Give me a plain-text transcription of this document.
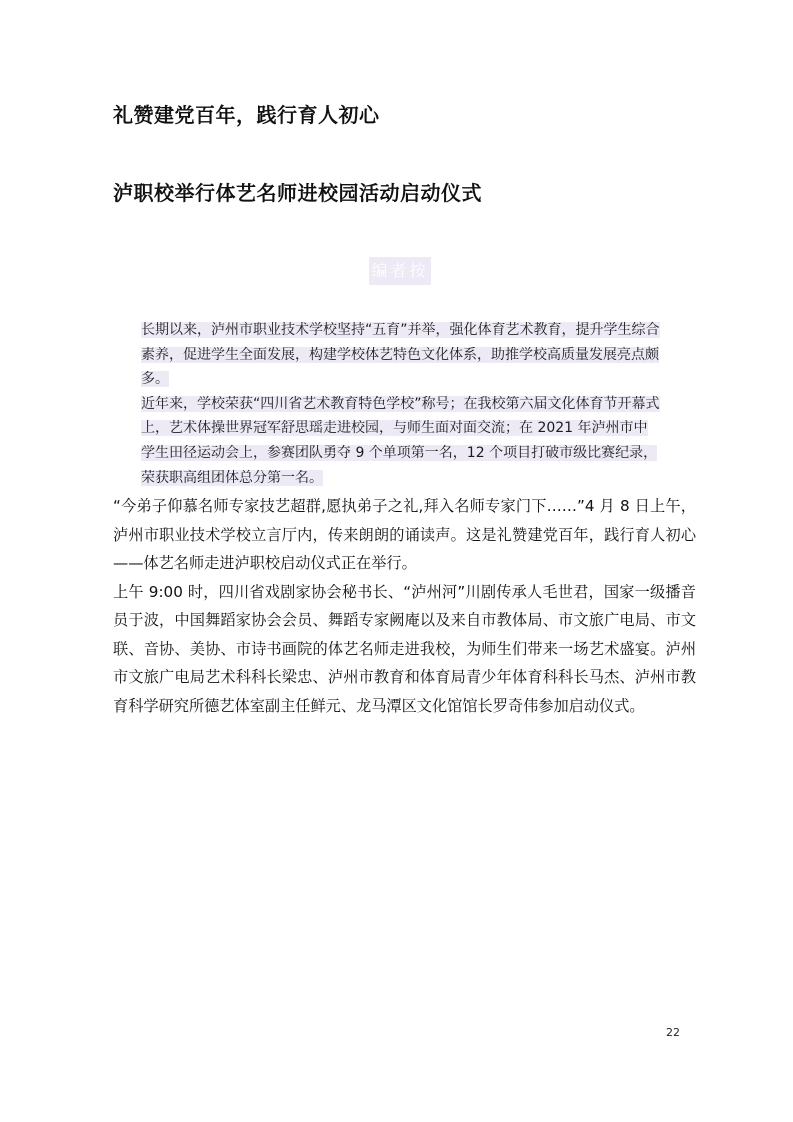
礼赞建党百年，践行育人初心
泸职校举行体艺名师进校园活动启动仪式
编者按

长期以来，泸州市职业技术学校坚持“五育”并举，强化体育艺术教育，提升学生综合素养，促进学生全面发展，构建学校体艺特色文化体系，助推学校高质量发展亮点颇多。

近年来，学校荣获“四川省艺术教育特色学校”称号；在我校第六届文化体育节开幕式上，艺术体操世界冠军舒思瑶走进校园，与师生面对面交流；在 2021 年泸州市中学生田径运动会上，参赛团队勇夺 9 个单项第一名，12 个项目打破市级比赛纪录，荣获职高组团体总分第一名。

“今弟子仰慕名师专家技艺超群,愿执弟子之礼,拜入名师专家门下……”4 月 8 日上午，泸州市职业技术学校立言厅内，传来朗朗的诵读声。这是礼赞建党百年，践行育人初心——体艺名师走进泸职校启动仪式正在举行。

上午 9:00 时，四川省戏剧家协会秘书长、“泸州河”川剧传承人毛世君，国家一级播音员于波，中国舞蹈家协会会员、舞蹈专家阙庵以及来自市教体局、市文旅广电局、市文联、音协、美协、市诗书画院的体艺名师走进我校，为师生们带来一场艺术盛宴。泸州市文旅广电局艺术科科长梁忠、泸州市教育和体育局青少年体育科科长马杰、泸州市教育科学研究所德艺体室副主任鲜元、龙马潭区文化馆馆长罗奇伟参加启动仪式。

22
